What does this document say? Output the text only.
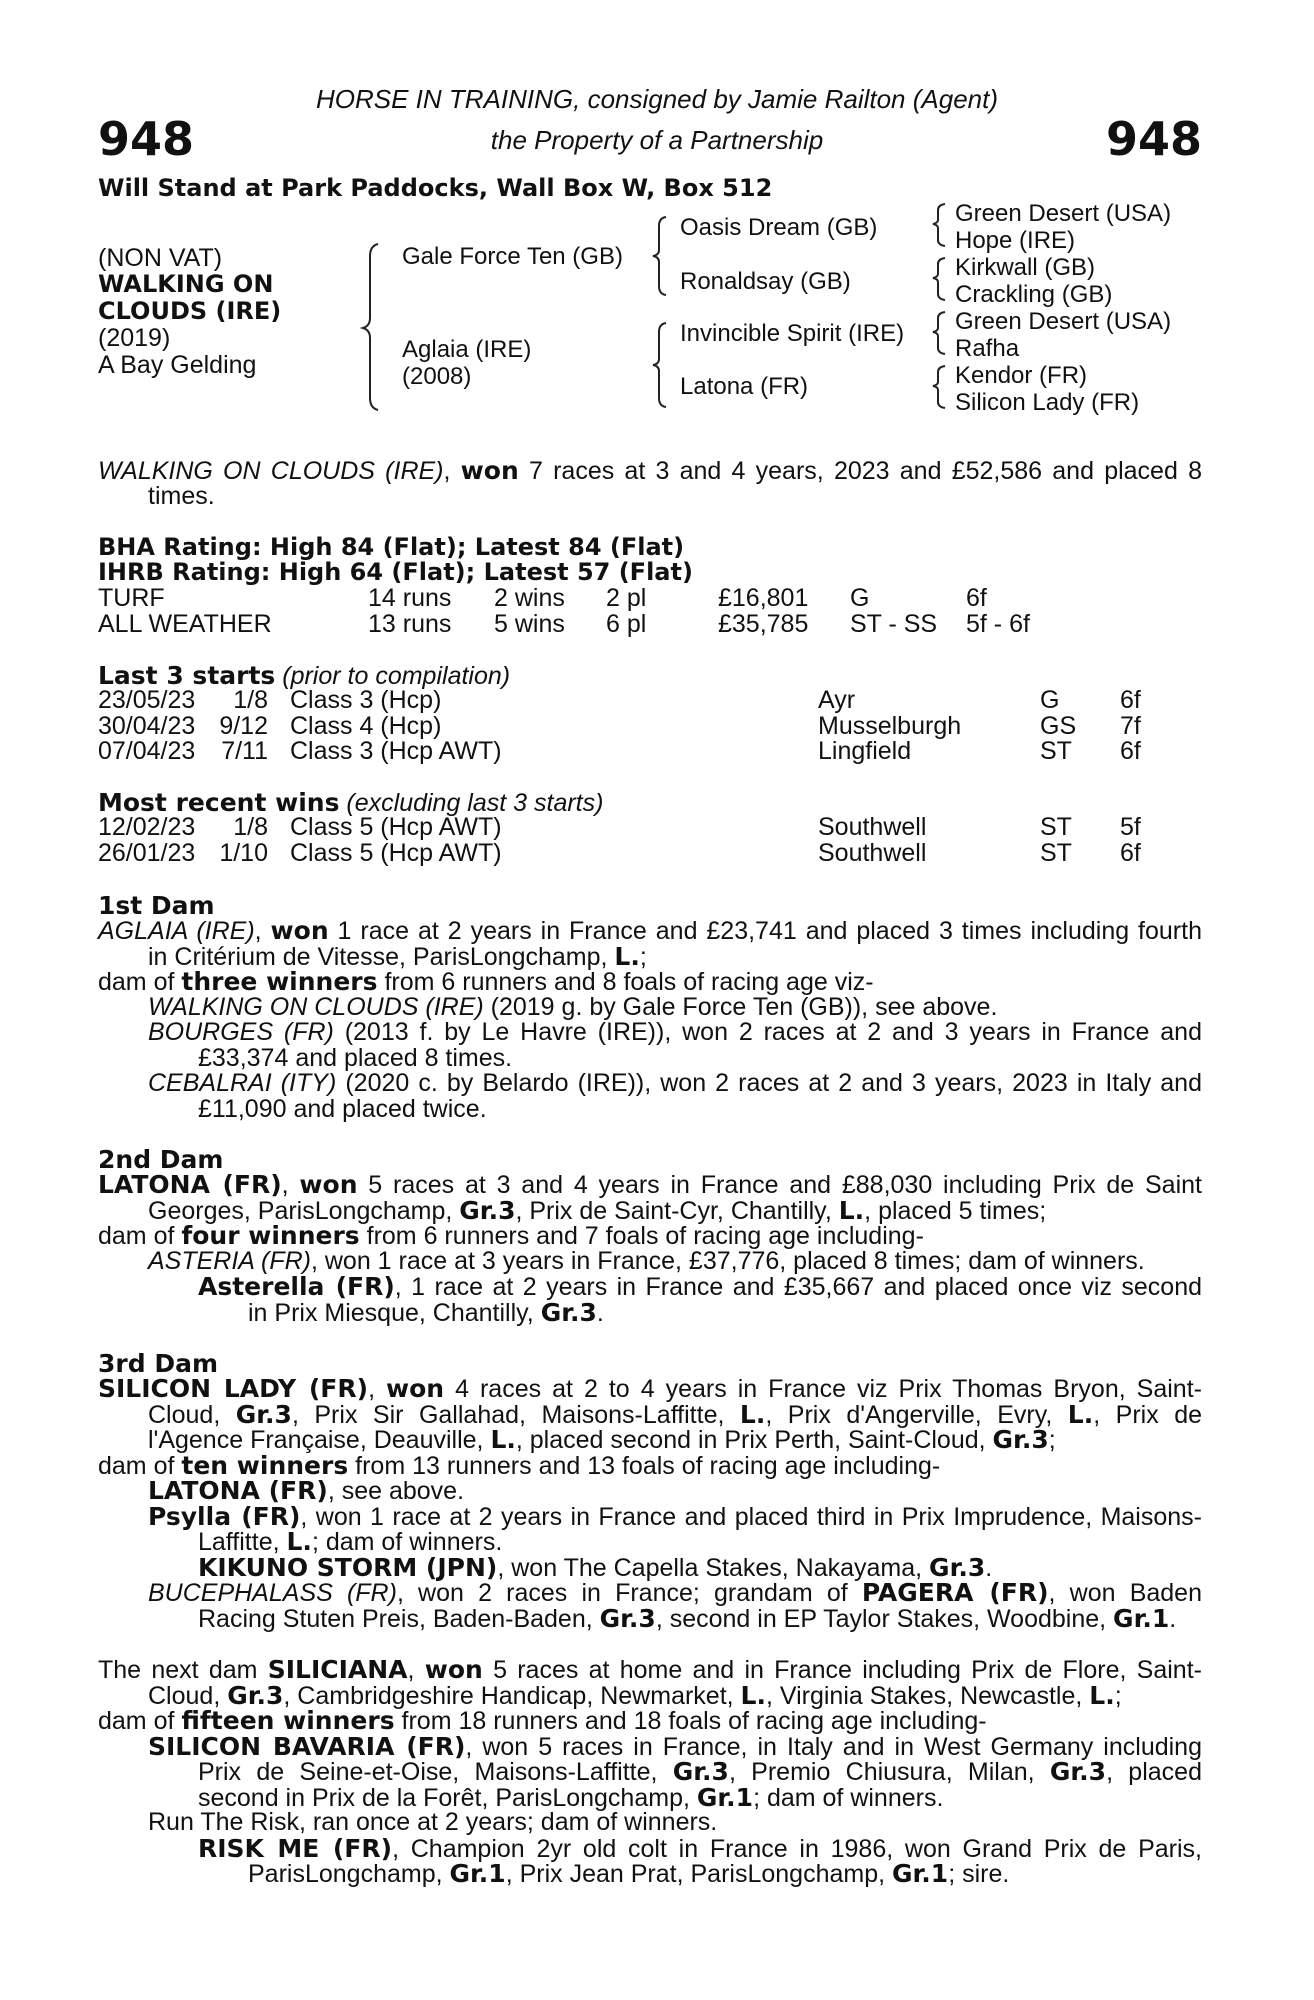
948	948
HORSE IN TRAINING, consigned by Jamie Railton (Agent)
the Property of a Partnership
Will Stand at Park Paddocks, Wall Box W, Box 512
(NON VAT)
WALKING ON
CLOUDS (IRE)
(2019)
A Bay Gelding
Gale Force Ten (GB)
Aglaia (IRE)
(2008)
Oasis Dream (GB)
Ronaldsay (GB)
Invincible Spirit (IRE)
Latona (FR)
Green Desert (USA)
Hope (IRE)
Kirkwall (GB)
Crackling (GB)
Green Desert (USA)
Rafha
Kendor (FR)
Silicon Lady (FR)
WALKING ON CLOUDS (IRE), won 7 races at 3 and 4 years, 2023 and £52,586 and placed 8
times.
BHA Rating: High 84 (Flat); Latest 84 (Flat)
IHRB Rating: High 64 (Flat); Latest 57 (Flat)
TURF	14 runs 2 wins 2 pl	£16,801 G	6f
ALL WEATHER	13 runs 5 wins 6 pl	£35,785 ST - SS 5f - 6f
Last 3 starts (prior to compilation)
23/05/23	1/8 Class 3 (Hcp)	Ayr	G 6f
30/04/23 9/12 Class 4 (Hcp)	Musselburgh	GS 7f
07/04/23	7/11 Class 3 (Hcp AWT)	Lingfield	ST 6f
Most recent wins (excluding last 3 starts)
12/02/23	1/8 Class 5 (Hcp AWT)	Southwell	ST 5f
26/01/23 1/10 Class 5 (Hcp AWT)	Southwell	ST 6f
1st Dam
AGLAIA (IRE), won 1 race at 2 years in France and £23,741 and placed 3 times including fourth
in Critérium de Vitesse, ParisLongchamp, L.;
dam of three winners from 6 runners and 8 foals of racing age viz-
WALKING ON CLOUDS (IRE) (2019 g. by Gale Force Ten (GB)), see above.
BOURGES (FR) (2013 f. by Le Havre (IRE)), won 2 races at 2 and 3 years in France and
£33,374 and placed 8 times.
CEBALRAI (ITY) (2020 c. by Belardo (IRE)), won 2 races at 2 and 3 years, 2023 in Italy and
£11,090 and placed twice.
2nd Dam
LATONA (FR), won 5 races at 3 and 4 years in France and £88,030 including Prix de Saint
Georges, ParisLongchamp, Gr.3, Prix de Saint-Cyr, Chantilly, L., placed 5 times;
dam of four winners from 6 runners and 7 foals of racing age including-
ASTERIA (FR), won 1 race at 3 years in France, £37,776, placed 8 times; dam of winners.
Asterella (FR), 1 race at 2 years in France and £35,667 and placed once viz second
in Prix Miesque, Chantilly, Gr.3.
3rd Dam
SILICON LADY (FR), won 4 races at 2 to 4 years in France viz Prix Thomas Bryon, Saint-
Cloud, Gr.3, Prix Sir Gallahad, Maisons-Laffitte, L., Prix d'Angerville, Evry, L., Prix de
l'Agence Française, Deauville, L., placed second in Prix Perth, Saint-Cloud, Gr.3;
dam of ten winners from 13 runners and 13 foals of racing age including-
LATONA (FR), see above.
Psylla (FR), won 1 race at 2 years in France and placed third in Prix Imprudence, Maisons-
Laffitte, L.; dam of winners.
KIKUNO STORM (JPN), won The Capella Stakes, Nakayama, Gr.3.
BUCEPHALASS (FR), won 2 races in France; grandam of PAGERA (FR), won Baden
Racing Stuten Preis, Baden-Baden, Gr.3, second in EP Taylor Stakes, Woodbine, Gr.1.
The next dam SILICIANA, won 5 races at home and in France including Prix de Flore, Saint-
Cloud, Gr.3, Cambridgeshire Handicap, Newmarket, L., Virginia Stakes, Newcastle, L.;
dam of fifteen winners from 18 runners and 18 foals of racing age including-
SILICON BAVARIA (FR), won 5 races in France, in Italy and in West Germany including
Prix de Seine-et-Oise, Maisons-Laffitte, Gr.3, Premio Chiusura, Milan, Gr.3, placed
second in Prix de la Forêt, ParisLongchamp, Gr.1; dam of winners.
Run The Risk, ran once at 2 years; dam of winners.
RISK ME (FR), Champion 2yr old colt in France in 1986, won Grand Prix de Paris,
ParisLongchamp, Gr.1, Prix Jean Prat, ParisLongchamp, Gr.1; sire.
